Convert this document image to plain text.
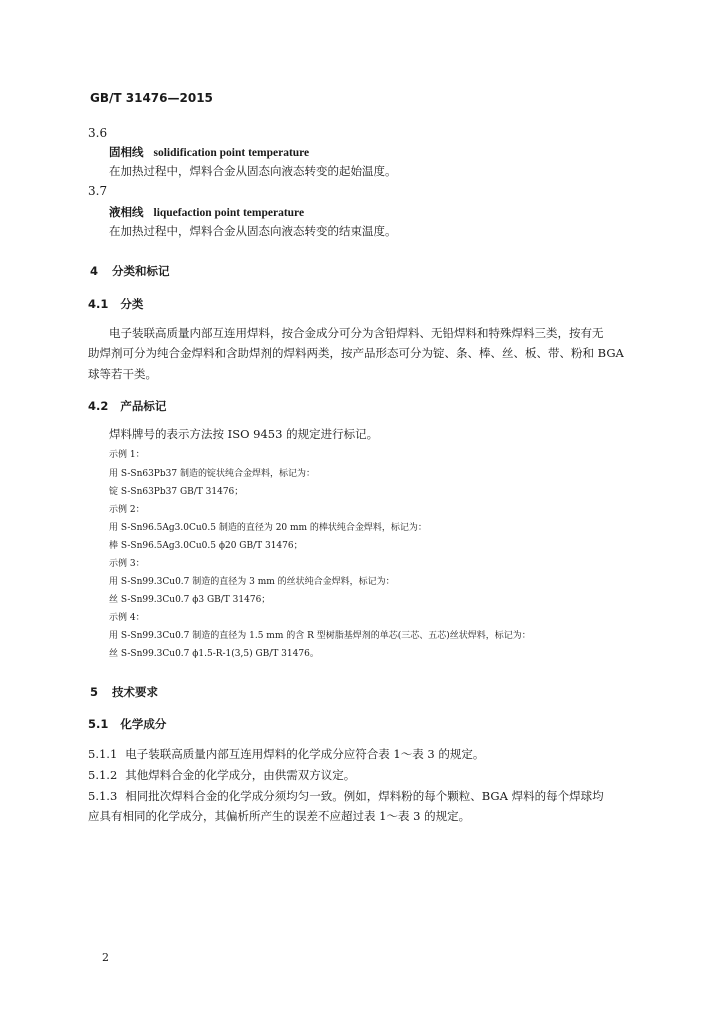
GB/T 31476—2015
3.6
固相线 solidification point temperature
在加热过程中，焊料合金从固态向液态转变的起始温度。
3.7
液相线 liquefaction point temperature
在加热过程中，焊料合金从固态向液态转变的结束温度。
4 分类和标记
4.1 分类
电子装联高质量内部互连用焊料，按合金成分可分为含铅焊料、无铅焊料和特殊焊料三类，按有无
助焊剂可分为纯合金焊料和含助焊剂的焊料两类，按产品形态可分为锭、条、棒、丝、板、带、粉和 BGA
球等若干类。
4.2 产品标记
焊料牌号的表示方法按 ISO 9453 的规定进行标记。
示例 1：
用 S-Sn63Pb37 制造的锭状纯合金焊料，标记为：
锭 S-Sn63Pb37 GB/T 31476；
示例 2：
用 S-Sn96.5Ag3.0Cu0.5 制造的直径为 20 mm 的棒状纯合金焊料，标记为：
棒 S-Sn96.5Ag3.0Cu0.5 ϕ20 GB/T 31476；
示例 3：
用 S-Sn99.3Cu0.7 制造的直径为 3 mm 的丝状纯合金焊料，标记为：
丝 S-Sn99.3Cu0.7 ϕ3 GB/T 31476；
示例 4：
用 S-Sn99.3Cu0.7 制造的直径为 1.5 mm 的含 R 型树脂基焊剂的单芯(三芯、五芯)丝状焊料，标记为：
丝 S-Sn99.3Cu0.7 ϕ1.5-R-1(3,5) GB/T 31476。
5 技术要求
5.1 化学成分
5.1.1 电子装联高质量内部互连用焊料的化学成分应符合表 1～表 3 的规定。
5.1.2 其他焊料合金的化学成分，由供需双方议定。
5.1.3 相同批次焊料合金的化学成分须均匀一致。例如，焊料粉的每个颗粒、BGA 焊料的每个焊球均
应具有相同的化学成分，其偏析所产生的误差不应超过表 1～表 3 的规定。
2
